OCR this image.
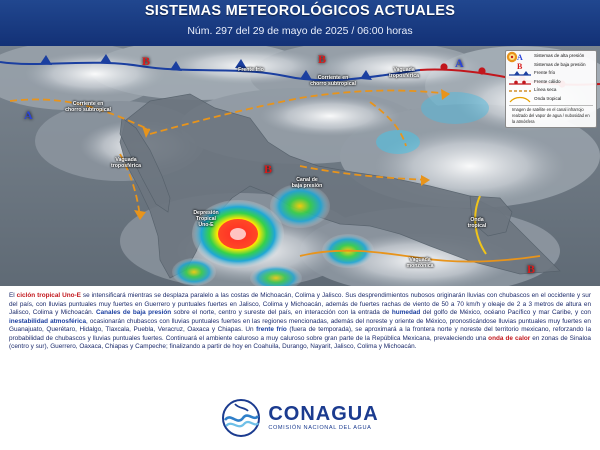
SISTEMAS METEOROLÓGICOS ACTUALES
Núm. 297 del 29 de mayo de 2025 / 06:00 horas
A
A
B	B
B
B
Frente frío
Corriente en
chorro subtropical
Vaguada
troposférica
Corriente en
chorro subtropical
Vaguada
troposférica
Canal de
baja presión
Depresión
Tropical
Uno-E
Vaguada
monzónica
Onda
tropical
A Sistemas de alta presión
B	Sistemas de baja presión
Frente frío
Frente cálido
Línea seca
Onda tropical
Imagen de satélite en el canal infrarrojo realzado del vapor de agua / nubosidad en la atmósfera

El ciclón tropical Uno-E se intensificará mientras se desplaza paralelo a las costas de Michoacán, Colima y Jalisco. Sus desprendimientos nubosos originarán lluvias con chubascos en el occidente y sur del país, con lluvias puntuales muy fuertes en Guerrero y puntuales fuertes en Jalisco, Colima y Michoacán, además de fuertes rachas de viento de 50 a 70 km/h y oleaje de 2 a 3 metros de altura en Jalisco, Colima y Michoacán. Canales de baja presión sobre el norte, centro y sureste del país, en interacción con la entrada de humedad del golfo de México, océano Pacífico y mar Caribe, y con inestabilidad atmosférica, ocasionarán chubascos con lluvias puntuales fuertes en las regiones mencionadas, además del noreste y oriente de México, pronosticándose lluvias puntuales muy fuertes en Guanajuato, Querétaro, Hidalgo, Tlaxcala, Puebla, Veracruz, Oaxaca y Chiapas. Un frente frío (fuera de temporada), se aproximará a la frontera norte y noreste del territorio mexicano, reforzando la probabilidad de chubascos y lluvias puntuales fuertes. Continuará el ambiente caluroso a muy caluroso sobre gran parte de la República Mexicana, prevaleciendo una onda de calor en zonas de Sinaloa (centro y sur), Guerrero, Oaxaca, Chiapas y Campeche; finalizando a partir de hoy en Coahuila, Durango, Nayarit, Jalisco, Colima y Michoacán.

CONAGUA
COMISIÓN NACIONAL DEL AGUA
